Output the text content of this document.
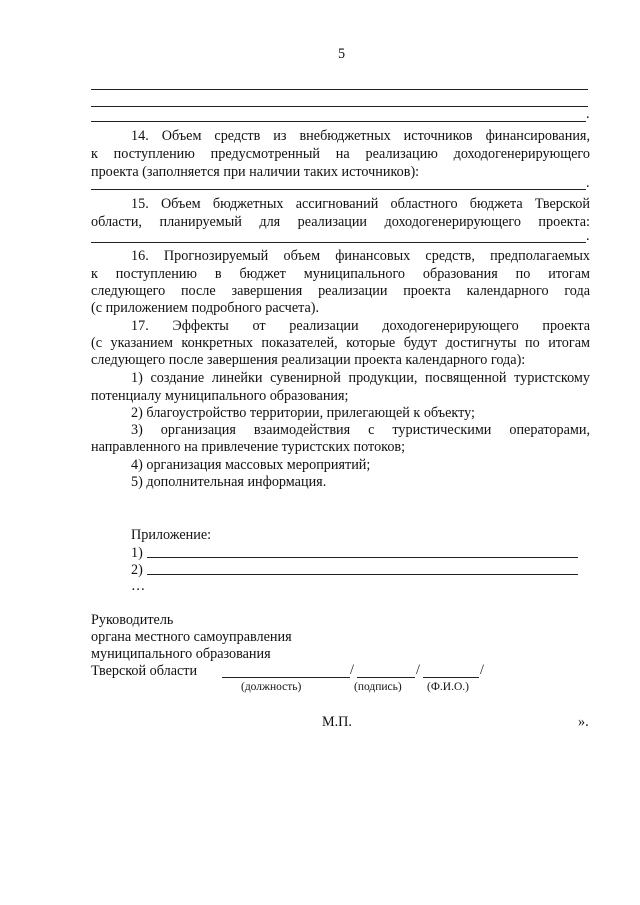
5
.
14. Объем средств из внебюджетных источников финансирования,
к поступлению предусмотренный на реализацию доходогенерирующего
проекта (заполняется при наличии таких источников):
.
15. Объем бюджетных ассигнований областного бюджета Тверской
области, планируемый для реализации доходогенерирующего проекта:
.
16. Прогнозируемый объем финансовых средств, предполагаемых
к поступлению в бюджет муниципального образования по итогам
следующего после завершения реализации проекта календарного года
(с приложением подробного расчета).
17. Эффекты от реализации доходогенерирующего проекта
(с указанием конкретных показателей, которые будут достигнуты по итогам
следующего после завершения реализации проекта календарного года):
1) создание линейки сувенирной продукции, посвященной туристскому
потенциалу муниципального образования;
2) благоустройство территории, прилегающей к объекту;
3) организация взаимодействия с туристическими операторами,
направленного на привлечение туристских потоков;
4) организация массовых мероприятий;
5) дополнительная информация.
Приложение:
1)
2)
…
Руководитель
органа местного самоуправления
муниципального образования
Тверской области	/	/	/
(должность)	(подпись) (Ф.И.О.)
М.П.	».
